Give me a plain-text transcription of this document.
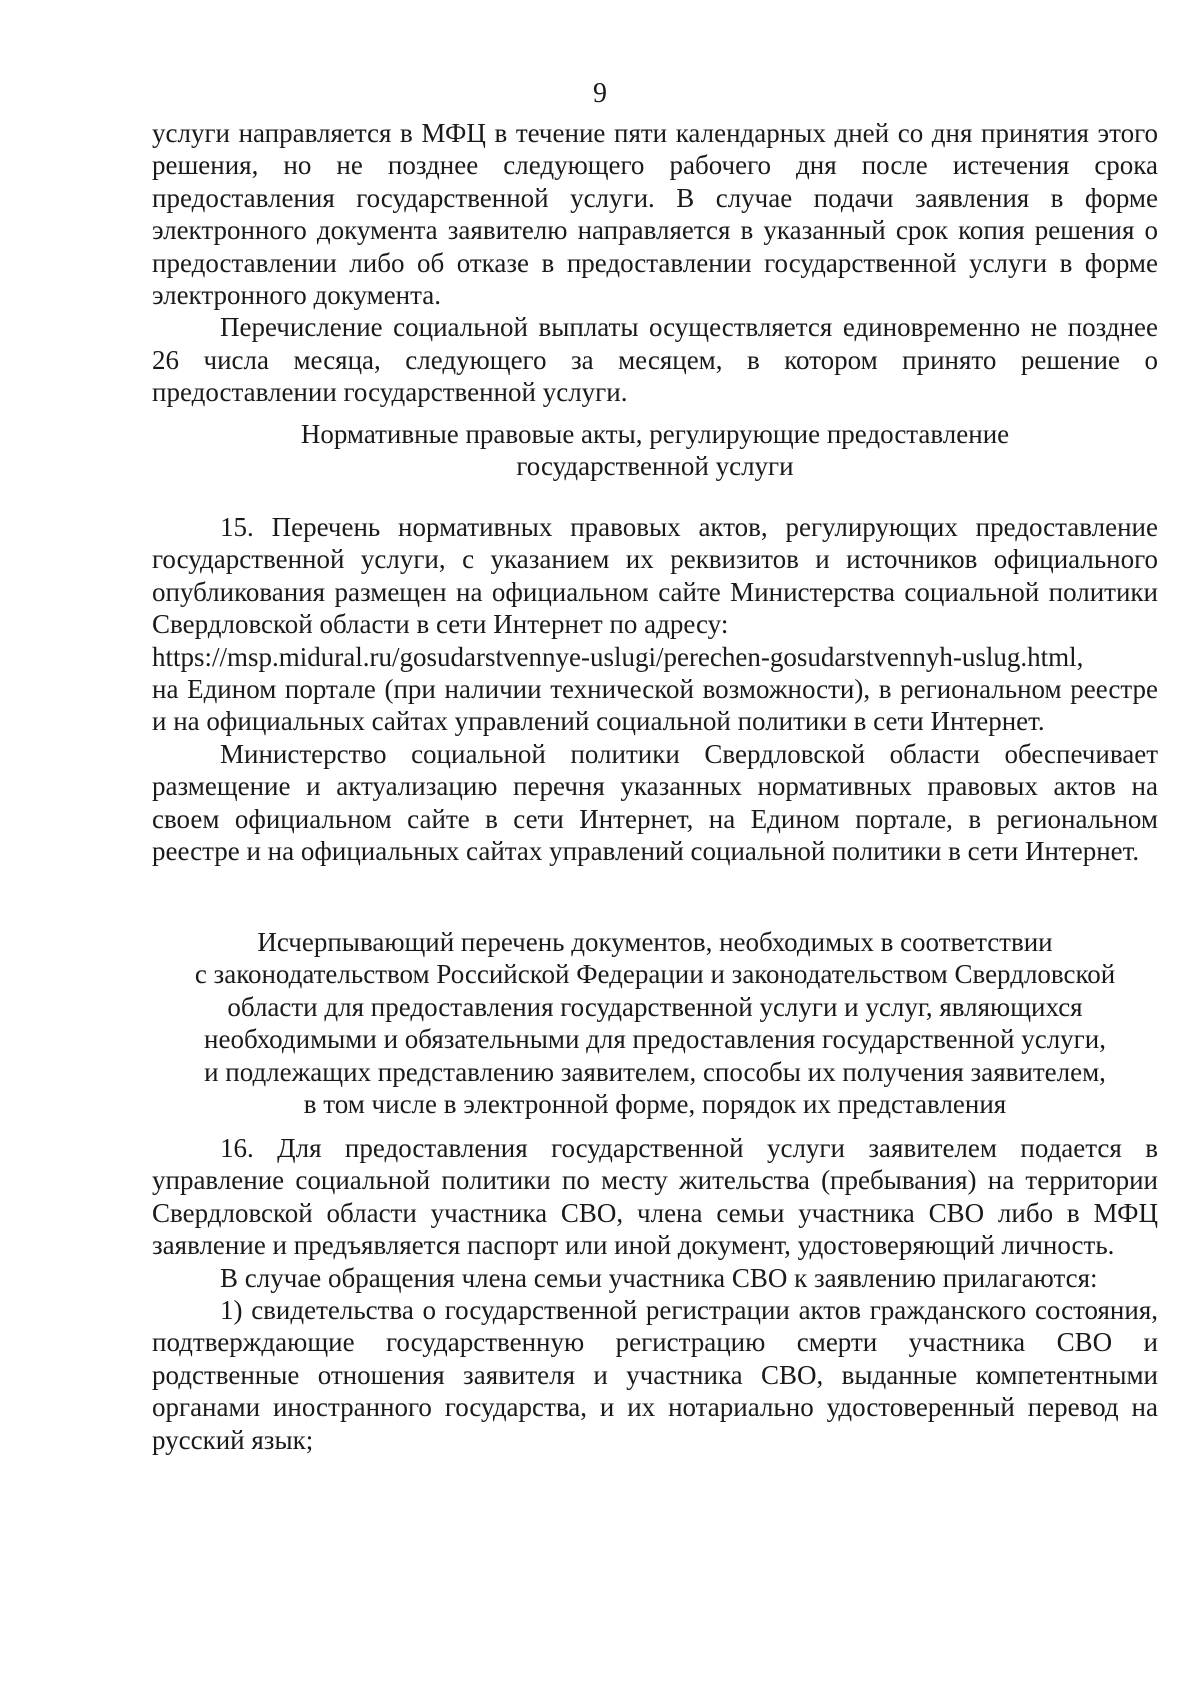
9

услуги направляется в МФЦ в течение пяти календарных дней со дня принятия этого решения, но не позднее следующего рабочего дня после истечения срока предоставления государственной услуги. В случае подачи заявления в форме электронного документа заявителю направляется в указанный срок копия решения о предоставлении либо об отказе в предоставлении государственной услуги в форме электронного документа.

Перечисление социальной выплаты осуществляется единовременно не позднее 26 числа месяца, следующего за месяцем, в котором принято решение о предоставлении государственной услуги.

Нормативные правовые акты, регулирующие предоставление

государственной услуги

15. Перечень нормативных правовых актов, регулирующих предоставление государственной услуги, с указанием их реквизитов и источников официального опубликования размещен на официальном сайте Министерства социальной политики Свердловской области в сети Интернет по адресу:

https://msp.midural.ru/gosudarstvennye-uslugi/perechen-gosudarstvennyh-uslug.html,

на Едином портале (при наличии технической возможности), в региональном реестре и на официальных сайтах управлений социальной политики в сети Интернет.

Министерство социальной политики Свердловской области обеспечивает размещение и актуализацию перечня указанных нормативных правовых актов на своем официальном сайте в сети Интернет, на Едином портале, в региональном реестре и на официальных сайтах управлений социальной политики в сети Интернет.

Исчерпывающий перечень документов, необходимых в соответствии

с законодательством Российской Федерации и законодательством Свердловской

области для предоставления государственной услуги и услуг, являющихся

необходимыми и обязательными для предоставления государственной услуги,

и подлежащих представлению заявителем, способы их получения заявителем,

в том числе в электронной форме, порядок их представления

16. Для предоставления государственной услуги заявителем подается в управление социальной политики по месту жительства (пребывания) на территории Свердловской области участника СВО, члена семьи участника СВО либо в МФЦ заявление и предъявляется паспорт или иной документ, удостоверяющий личность.

В случае обращения члена семьи участника СВО к заявлению прилагаются:

1) свидетельства о государственной регистрации актов гражданского состояния, подтверждающие государственную регистрацию смерти участника СВО и родственные отношения заявителя и участника СВО, выданные компетентными органами иностранного государства, и их нотариально удостоверенный перевод на русский язык;
